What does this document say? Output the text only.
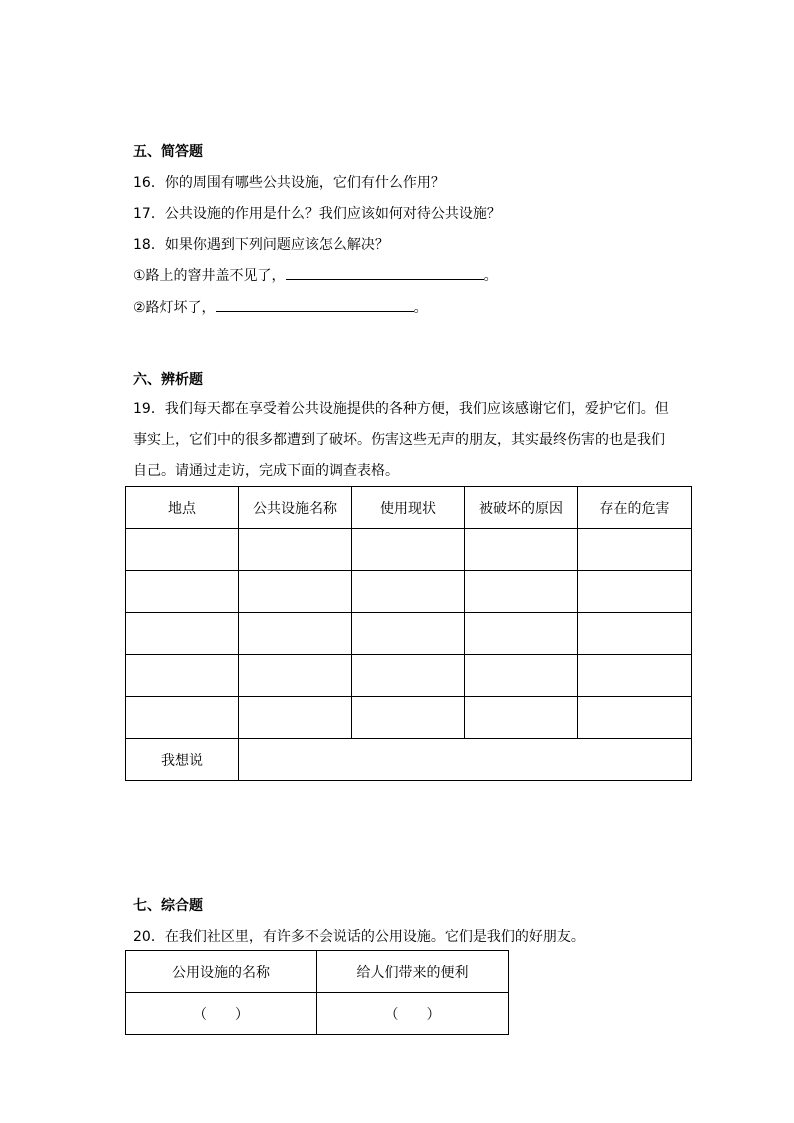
五、简答题
16．你的周围有哪些公共设施，它们有什么作用？
17．公共设施的作用是什么？我们应该如何对待公共设施？
18．如果你遇到下列问题应该怎么解决？
①路上的窨井盖不见了，	。
②路灯坏了，	。
六、辨析题
19．我们每天都在享受着公共设施提供的各种方便，我们应该感谢它们，爱护它们。但
事实上，它们中的很多都遭到了破坏。伤害这些无声的朋友，其实最终伤害的也是我们
自己。请通过走访，完成下面的调查表格。
地点	公共设施名称	使用现状	被破坏的原因	存在的危害

我想说				
七、综合题
20．在我们社区里，有许多不会说话的公用设施。它们是我们的好朋友。
公用设施的名称	给人们带来的便利
（　　）	（　　）
